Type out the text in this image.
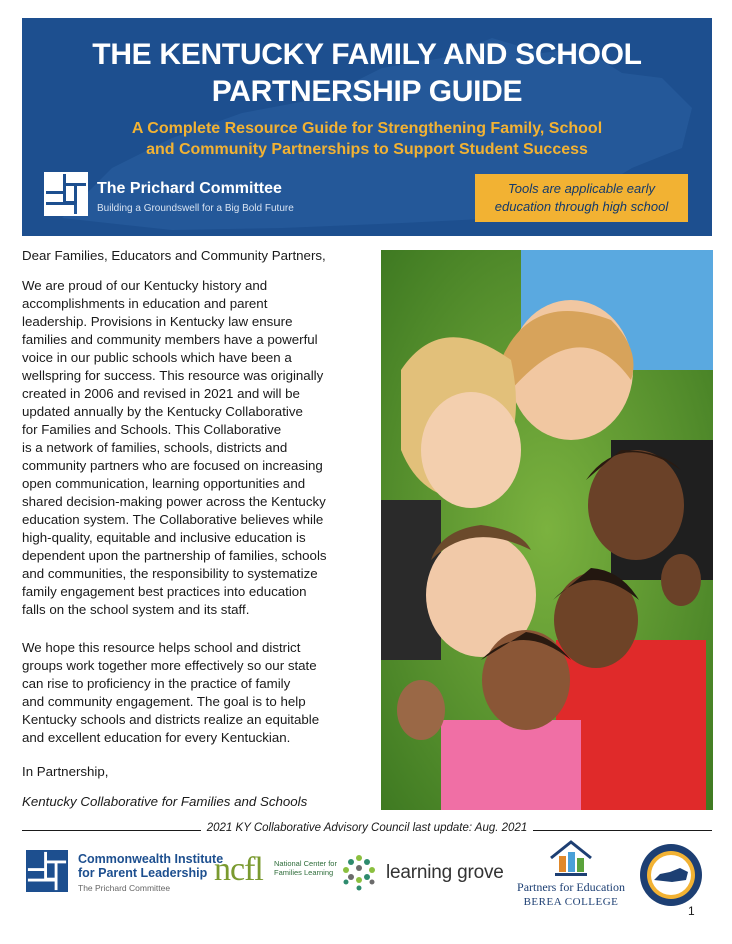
THE KENTUCKY FAMILY AND SCHOOL
PARTNERSHIP GUIDE
A Complete Resource Guide for Strengthening Family, School
and Community Partnerships to Support Student Success
The Prichard Committee
Building a Groundswell for a Big Bold Future
Tools are applicable early
education through high school

Dear Families, Educators and Community Partners,

We are proud of our Kentucky history and
accomplishments in education and parent
leadership. Provisions in Kentucky law ensure
families and community members have a powerful
voice in our public schools which have been a
wellspring for success. This resource was originally
created in 2006 and revised in 2021 and will be
updated annually by the Kentucky Collaborative
for Families and Schools. This Collaborative
is a network of families, schools, districts and
community partners who are focused on increasing
open communication, learning opportunities and
shared decision-making power across the Kentucky
education system. The Collaborative believes while
high-quality, equitable and inclusive education is
dependent upon the partnership of families, schools
and communities, the responsibility to systematize
family engagement best practices into education
falls on the school system and its staff.
We hope this resource helps school and district
groups work together more effectively so our state
can rise to proficiency in the practice of family
and community engagement. The goal is to help
Kentucky schools and districts realize an equitable
and excellent education for every Kentuckian.

In Partnership,

Kentucky Collaborative for Families and Schools

2021 KY Collaborative Advisory Council last update: Aug. 2021
Commonwealth Institute
for Parent Leadership
The Prichard Committee ncfl National Center for
Families Learning	learning grove
Partners for Education
BEREA COLLEGE
1
